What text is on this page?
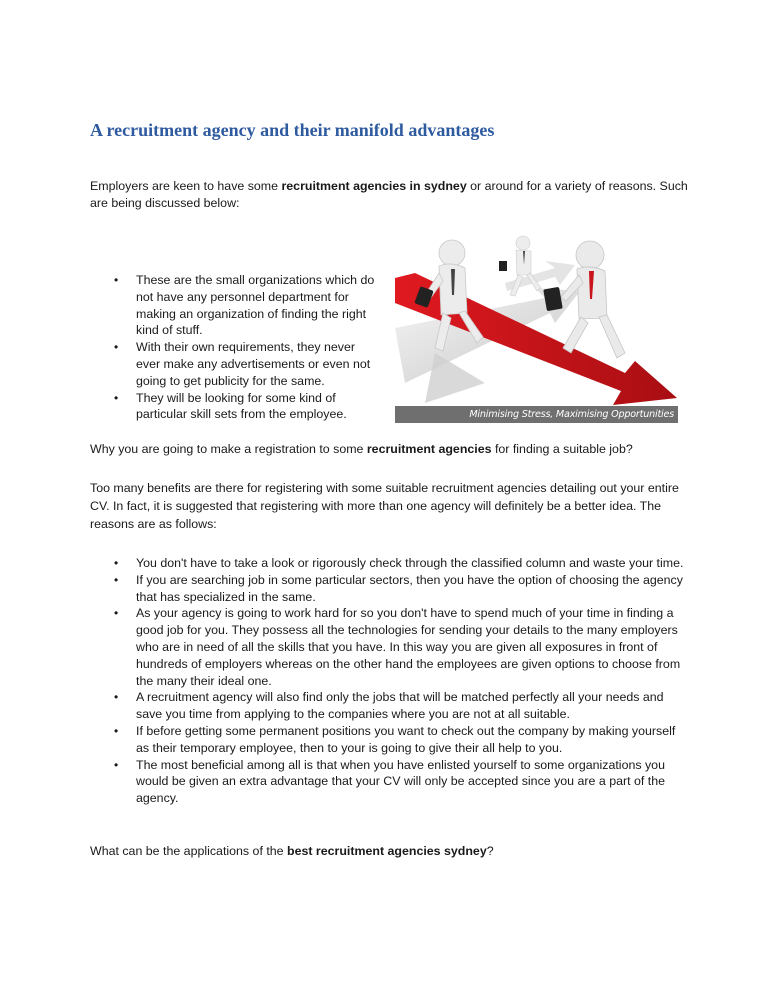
A recruitment agency and their manifold advantages

Employers are keen to have some recruitment agencies in sydney or around for a variety of reasons. Such are being discussed below:

• These are the small organizations which do not have any personnel department for making an organization of finding the right kind of stuff.
• With their own requirements, they never ever make any advertisements or even not going to get publicity for the same.
• They will be looking for some kind of particular skill sets from the employee.	Minimising Stress, Maximising Opportunities

Why you are going to make a registration to some recruitment agencies for finding a suitable job?

Too many benefits are there for registering with some suitable recruitment agencies detailing out your entire CV. In fact, it is suggested that registering with more than one agency will definitely be a better idea. The reasons are as follows:

• You don't have to take a look or rigorously check through the classified column and waste your time.
• If you are searching job in some particular sectors, then you have the option of choosing the agency that has specialized in the same.
• As your agency is going to work hard for so you don't have to spend much of your time in finding a good job for you. They possess all the technologies for sending your details to the many employers who are in need of all the skills that you have. In this way you are given all exposures in front of hundreds of employers whereas on the other hand the employees are given options to choose from the many their ideal one.
• A recruitment agency will also find only the jobs that will be matched perfectly all your needs and save you time from applying to the companies where you are not at all suitable.
• If before getting some permanent positions you want to check out the company by making yourself as their temporary employee, then to your is going to give their all help to you.
• The most beneficial among all is that when you have enlisted yourself to some organizations you would be given an extra advantage that your CV will only be accepted since you are a part of the agency.

What can be the applications of the best recruitment agencies sydney?
